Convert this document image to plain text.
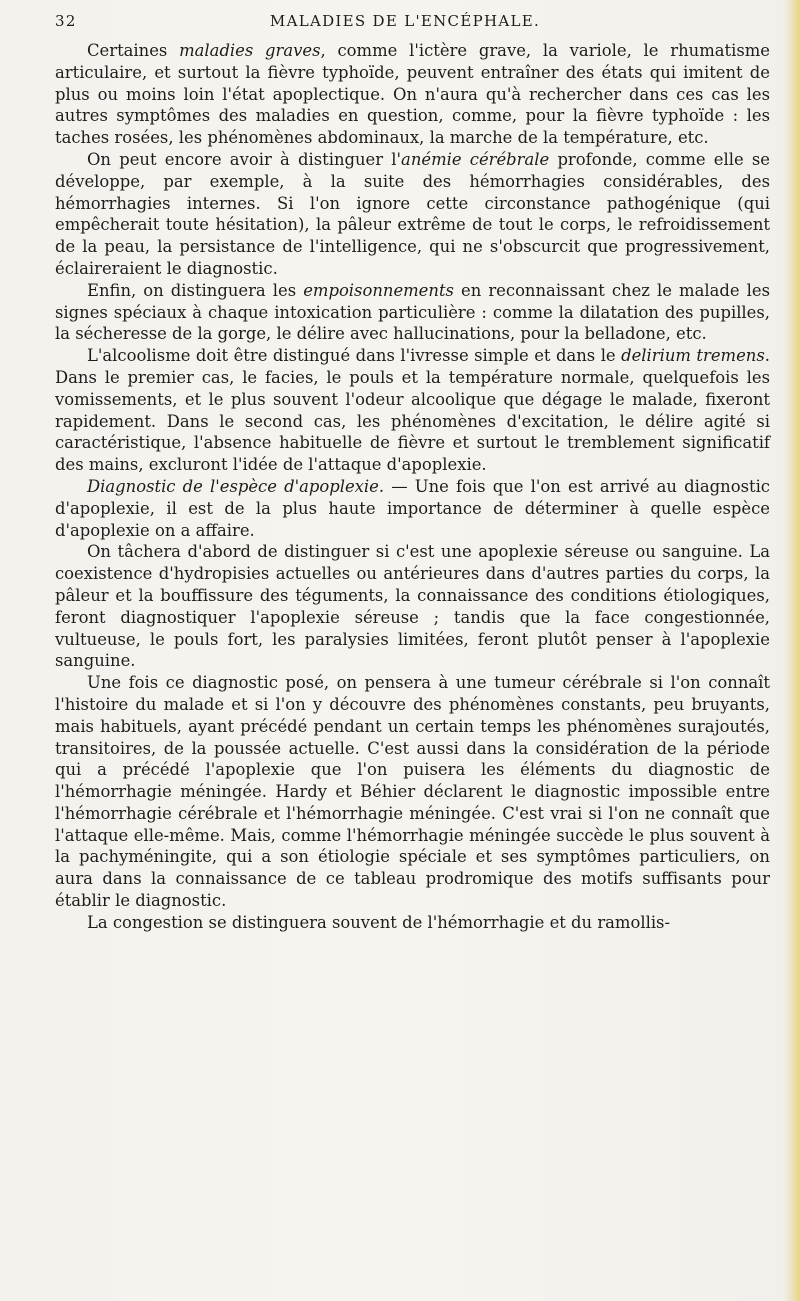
32	MALADIES DE L'ENCÉPHALE.

Certaines maladies graves, comme l'ictère grave, la variole, le rhumatisme articulaire, et surtout la fièvre typhoïde, peuvent entraîner des états qui imitent de plus ou moins loin l'état apoplectique. On n'aura qu'à rechercher dans ces cas les autres symptômes des maladies en question, comme, pour la fièvre typhoïde : les taches rosées, les phénomènes abdominaux, la marche de la température, etc.

On peut encore avoir à distinguer l'anémie cérébrale profonde, comme elle se développe, par exemple, à la suite des hémorrhagies considérables, des hémorrhagies internes. Si l'on ignore cette circonstance pathogénique (qui empêcherait toute hésitation), la pâleur extrême de tout le corps, le refroidissement de la peau, la persistance de l'intelligence, qui ne s'obscurcit que progressivement, éclaireraient le diagnostic.

Enfin, on distinguera les empoisonnements en reconnaissant chez le malade les signes spéciaux à chaque intoxication particulière : comme la dilatation des pupilles, la sécheresse de la gorge, le délire avec hallucinations, pour la belladone, etc.

L'alcoolisme doit être distingué dans l'ivresse simple et dans le delirium tremens. Dans le premier cas, le facies, le pouls et la température normale, quelquefois les vomissements, et le plus souvent l'odeur alcoolique que dégage le malade, fixeront rapidement. Dans le second cas, les phénomènes d'excitation, le délire agité si caractéristique, l'absence habituelle de fièvre et surtout le tremblement significatif des mains, excluront l'idée de l'attaque d'apoplexie.

Diagnostic de l'espèce d'apoplexie. — Une fois que l'on est arrivé au diagnostic d'apoplexie, il est de la plus haute importance de déterminer à quelle espèce d'apoplexie on a affaire.

On tâchera d'abord de distinguer si c'est une apoplexie séreuse ou sanguine. La coexistence d'hydropisies actuelles ou antérieures dans d'autres parties du corps, la pâleur et la bouffissure des téguments, la connaissance des conditions étiologiques, feront diagnostiquer l'apoplexie séreuse ; tandis que la face congestionnée, vultueuse, le pouls fort, les paralysies limitées, feront plutôt penser à l'apoplexie sanguine.

Une fois ce diagnostic posé, on pensera à une tumeur cérébrale si l'on connaît l'histoire du malade et si l'on y découvre des phénomènes constants, peu bruyants, mais habituels, ayant précédé pendant un certain temps les phénomènes surajoutés, transitoires, de la poussée actuelle. C'est aussi dans la considération de la période qui a précédé l'apoplexie que l'on puisera les éléments du diagnostic de l'hémorrhagie méningée. Hardy et Béhier déclarent le diagnostic impossible entre l'hémorrhagie cérébrale et l'hémorrhagie méningée. C'est vrai si l'on ne connaît que l'attaque elle-même. Mais, comme l'hémorrhagie méningée succède le plus souvent à la pachyméningite, qui a son étiologie spéciale et ses symptômes particuliers, on aura dans la connaissance de ce tableau prodromique des motifs suffisants pour établir le diagnostic.

La congestion se distinguera souvent de l'hémorrhagie et du ramollis-
